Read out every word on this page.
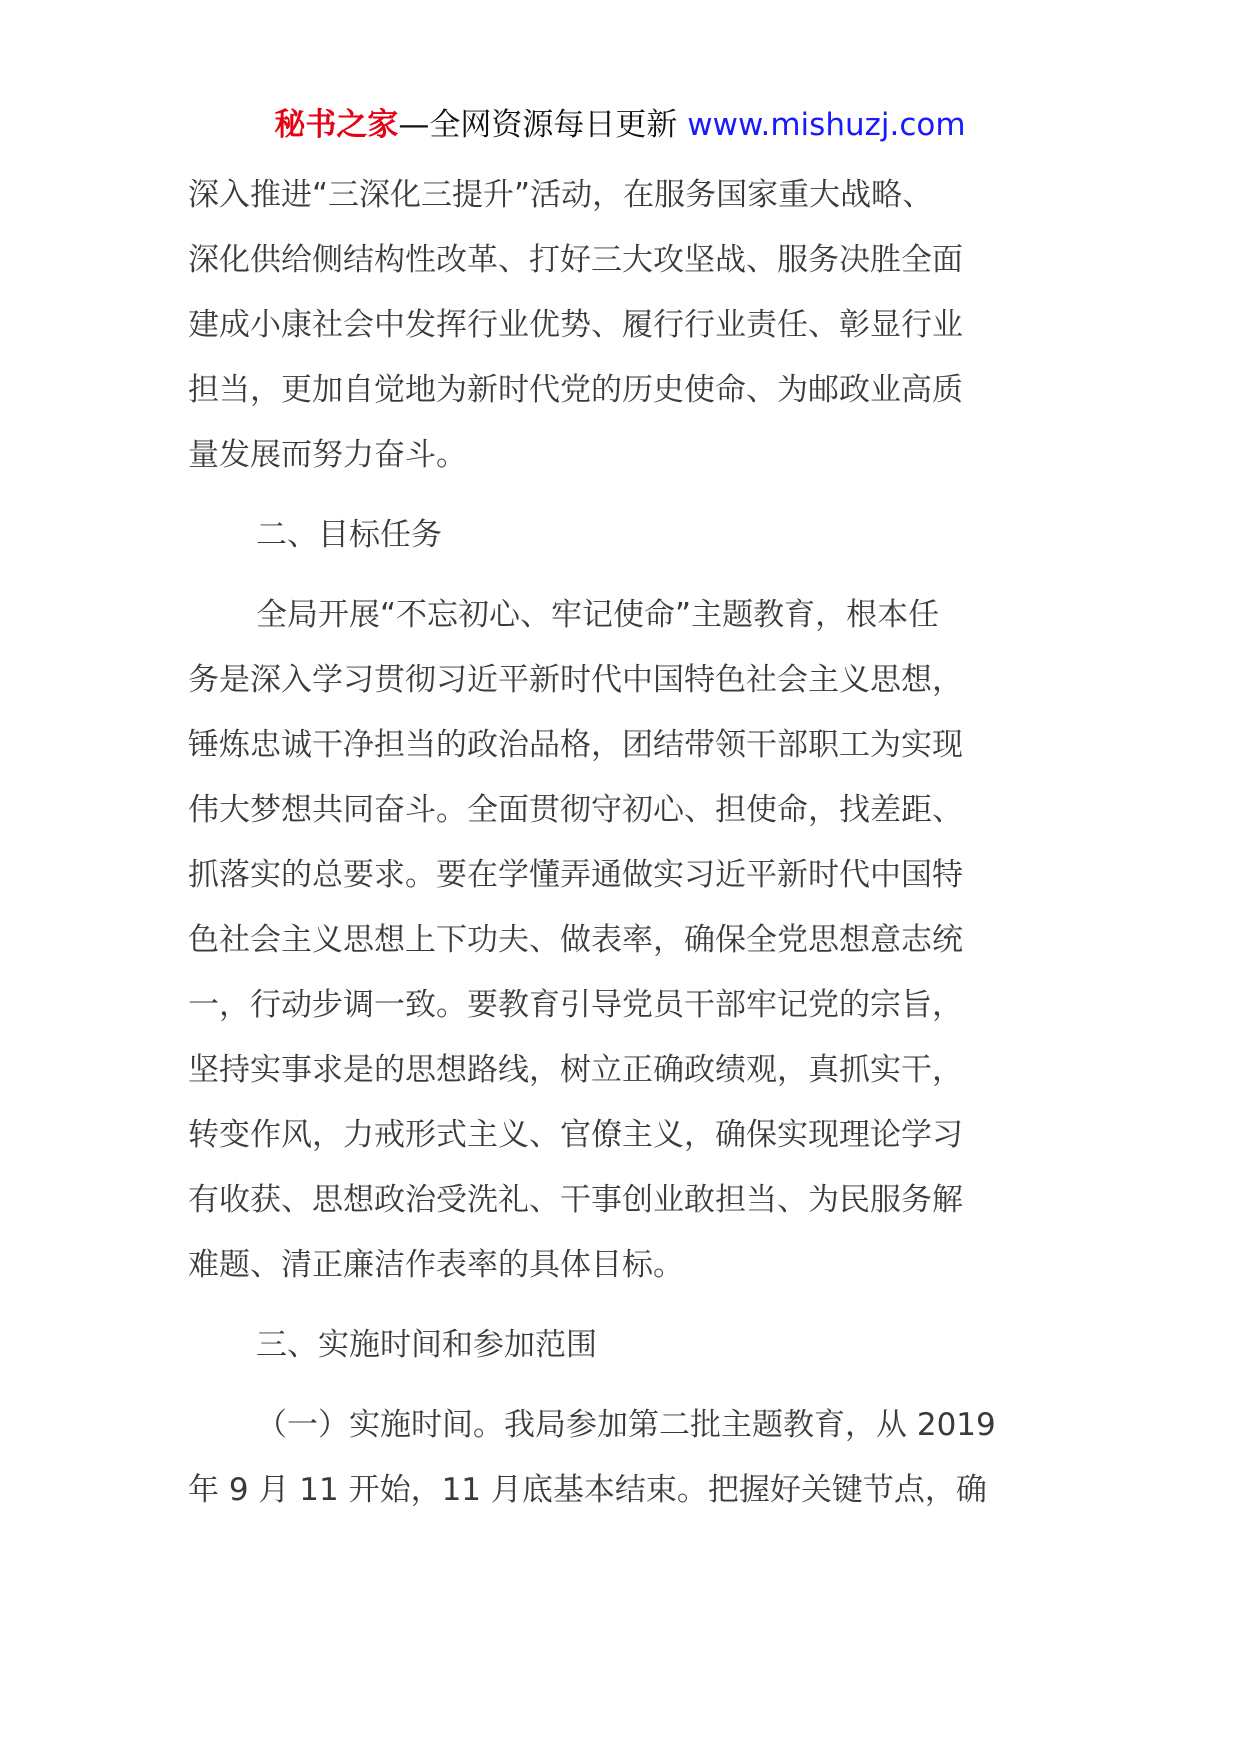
秘书之家—全网资源每日更新 www.mishuzj.com
深入推进“三深化三提升”活动，在服务国家重大战略、
深化供给侧结构性改革、打好三大攻坚战、服务决胜全面
建成小康社会中发挥行业优势、履行行业责任、彰显行业
担当，更加自觉地为新时代党的历史使命、为邮政业高质
量发展而努力奋斗。
二、目标任务
全局开展“不忘初心、牢记使命”主题教育，根本任
务是深入学习贯彻习近平新时代中国特色社会主义思想，
锤炼忠诚干净担当的政治品格，团结带领干部职工为实现
伟大梦想共同奋斗。全面贯彻守初心、担使命，找差距、
抓落实的总要求。要在学懂弄通做实习近平新时代中国特
色社会主义思想上下功夫、做表率，确保全党思想意志统
一，行动步调一致。要教育引导党员干部牢记党的宗旨，
坚持实事求是的思想路线，树立正确政绩观，真抓实干，
转变作风，力戒形式主义、官僚主义，确保实现理论学习
有收获、思想政治受洗礼、干事创业敢担当、为民服务解
难题、清正廉洁作表率的具体目标。
三、实施时间和参加范围
（一）实施时间。我局参加第二批主题教育，从 2019
年 9 月 11 开始，11 月底基本结束。把握好关键节点，确
